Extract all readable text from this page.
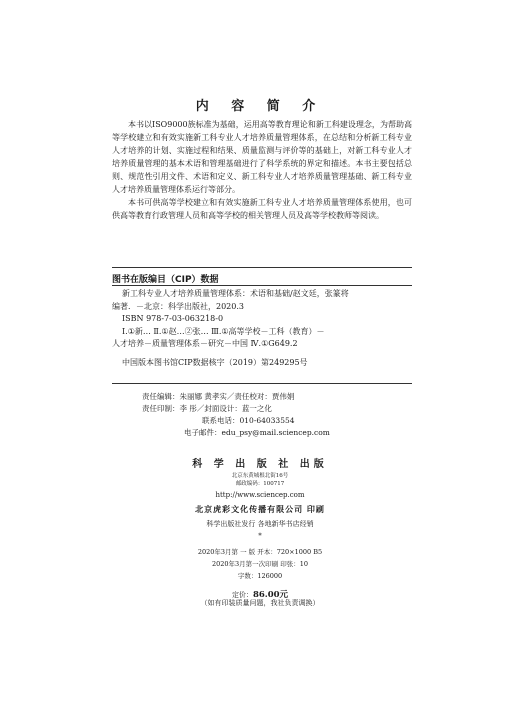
内 容 简 介

本书以ISO9000族标准为基础，运用高等教育理论和新工科建设理念，为帮助高等学校建立和有效实施新工科专业人才培养质量管理体系，在总结和分析新工科专业人才培养的计划、实施过程和结果、质量监测与评价等的基础上，对新工科专业人才培养质量管理的基本术语和管理基础进行了科学系统的界定和描述。本书主要包括总则、规范性引用文件、术语和定义、新工科专业人才培养质量管理基础、新工科专业人才培养质量管理体系运行等部分。

本书可供高等学校建立和有效实施新工科专业人才培养质量管理体系使用，也可供高等教育行政管理人员和高等学校的相关管理人员及高等学校教师等阅读。

图书在版编目（CIP）数据
新工科专业人才培养质量管理体系：术语和基础/赵文廷，张篆将
编著．－北京：科学出版社，2020.3
ISBN 978-7-03-063218-0
Ⅰ.①新… Ⅱ.①赵…②张… Ⅲ.①高等学校－工科（教育）－
人才培养－质量管理体系－研究－中国 Ⅳ.①G649.2
中国版本图书馆CIP数据核字（2019）第249295号
责任编辑：朱丽娜 黄孝实／责任校对：贾伟娟
责任印制：李 彤／封面设计：蓝一之化
联系电话：010-64033554
电子邮件：edu_psy@mail.sciencep.com
科 学 出 版 社 出版
北京东黄城根北街16号
邮政编码：100717
http://www.sciencep.com
北京虎彩文化传播有限公司 印刷
科学出版社发行 各地新华书店经销
*
2020年3月第 一 版 开本：720×1000 B5
2020年3月第一次印刷 印张：10
字数：126000
定价：86.00元
（如有印装质量问题，我社负责调换）
